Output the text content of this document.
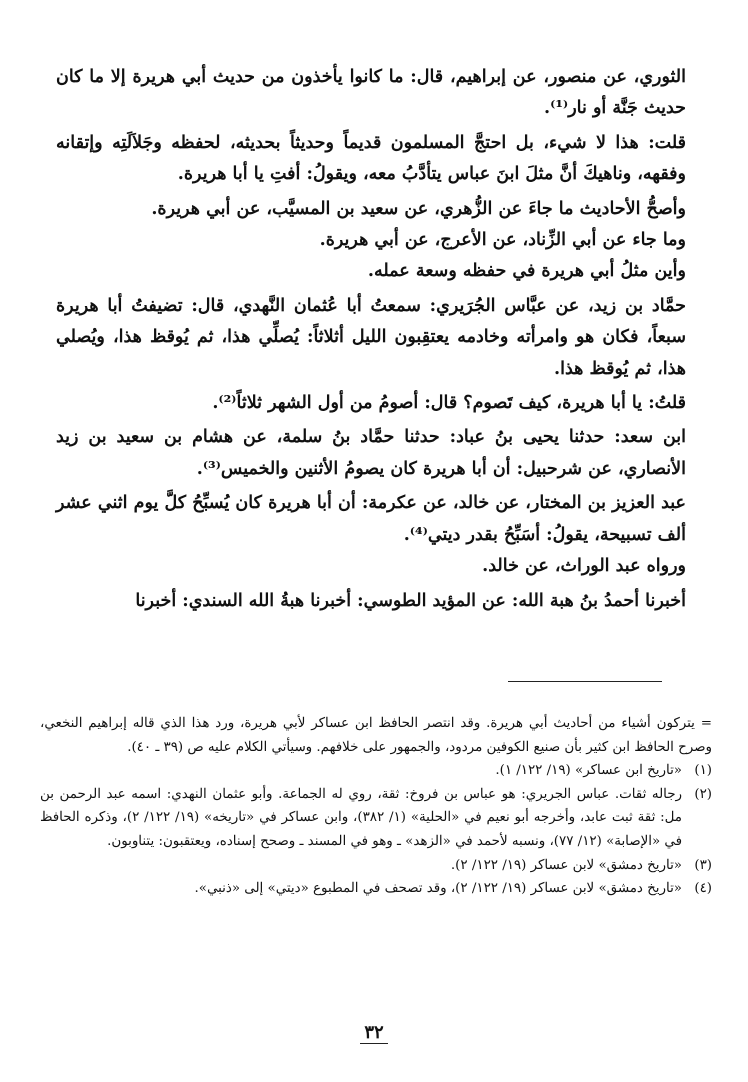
الثوري، عن منصور، عن إبراهيم، قال: ما كانوا يأخذون من حديث أبي هريرة إلا ما كان حديث جَنَّة أو نار⁽¹⁾.

قلت: هذا لا شيء، بل احتجَّ المسلمون قديماً وحديثاً بحديثه، لحفظه وجَلاَلَتِه وإتقانه وفقهه، وناهيكَ أنَّ مثلَ ابنَ عباس يتأدَّبُ معه، ويقولُ: أفتِ يا أبا هريرة.

وأصحُّ الأحاديث ما جاءَ عن الزُّهري، عن سعيد بن المسيَّب، عن أبي هريرة.

وما جاء عن أبي الزِّناد، عن الأعرج، عن أبي هريرة.

وأين مثلُ أبي هريرة في حفظه وسعة عمله.

حمَّاد بن زيد، عن عبَّاس الجُرَيري: سمعتُ أبا عُثمان النَّهدي، قال: تضيفتُ أبا هريرة سبعاً، فكان هو وامرأته وخادمه يعتقِبون الليل أثلاثاً: يُصلِّي هذا، ثم يُوقظ هذا، ويُصلي هذا، ثم يُوقظ هذا.

قلتُ: يا أبا هريرة، كيف تَصوم؟ قال: أصومُ من أول الشهر ثلاثاً⁽²⁾.

ابن سعد: حدثنا يحيى بنُ عباد: حدثنا حمَّاد بنُ سلمة، عن هشام بن سعيد بن زيد الأنصاري، عن شرحبيل: أن أبا هريرة كان يصومُ الأثنين والخميس⁽³⁾.

عبد العزيز بن المختار، عن خالد، عن عكرمة: أن أبا هريرة كان يُسبِّحُ كلَّ يوم اثني عشر ألف تسبيحة، يقولُ: أسَبِّحُ بقدر ديتي⁽⁴⁾.

ورواه عبد الوراث، عن خالد.

أخبرنا أحمدُ بنُ هبة الله: عن المؤيد الطوسي: أخبرنا هبةُ الله السندي: أخبرنا

= يتركون أشياء من أحاديث أبي هريرة. وقد انتصر الحافظ ابن عساكر لأبي هريرة، ورد هذا الذي قاله إبراهيم النخعي، وصرح الحافظ ابن كثير بأن صنيع الكوفين مردود، والجمهور على خلافهم. وسيأتي الكلام عليه ص (٣٩ ـ ٤٠).

(١)
«تاريخ ابن عساكر» (١٩/ ١٢٢/ ١).
(٢)
رجاله ثقات. عباس الجريري: هو عباس بن فروخ: ثقة، روي له الجماعة. وأبو عثمان النهدي: اسمه عبد الرحمن بن مل: ثقة ثبت عابد، وأخرجه أبو نعيم في «الحلية» (١/ ٣٨٢)، وابن عساكر في «تاريخه» (١٩/ ١٢٢/ ٢)، وذكره الحافظ في «الإصابة» (١٢/ ٧٧)، ونسبه لأحمد في «الزهد» ـ وهو في المسند ـ وصحح إسناده، ويعتقبون: يتناوبون.
(٣)
«تاريخ دمشق» لابن عساكر (١٩/ ١٢٢/ ٢).
(٤)
«تاريخ دمشق» لابن عساكر (١٩/ ١٢٢/ ٢)، وقد تصحف في المطبوع «ديتي» إلى «ذنبي».
٣٢
